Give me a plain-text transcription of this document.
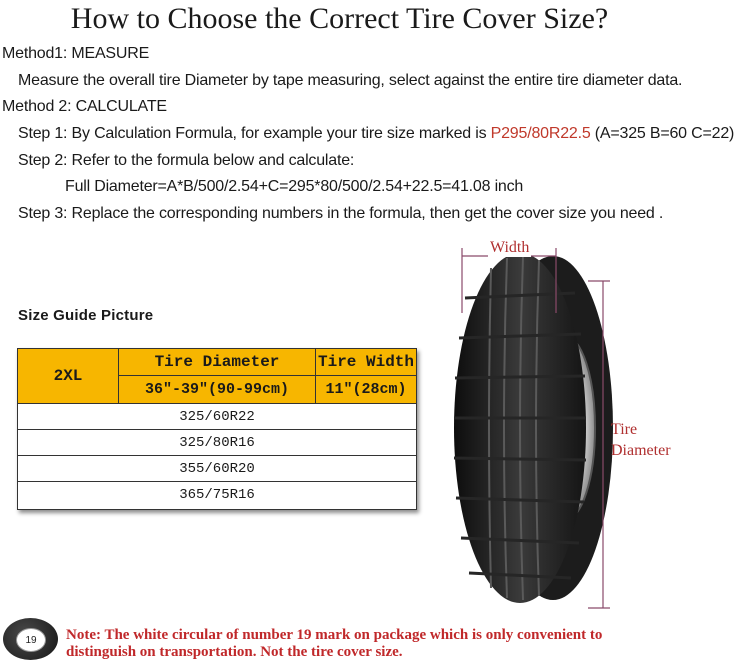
How to Choose the Correct Tire Cover Size?
Method1: MEASURE
Measure the overall tire Diameter by tape measuring, select against the entire tire diameter data.
Method 2: CALCULATE
Step 1: By Calculation Formula, for example your tire size marked is P295/80R22.5 (A=325 B=60 C=22)
Step 2: Refer to the formula below and calculate:
Full Diameter=A*B/500/2.54+C=295*80/500/2.54+22.5=41.08 inch
Step 3: Replace the corresponding numbers in the formula, then get the cover size you need .
Size Guide Picture
2XL
Tire Diameter	Tire Width
36″-39″(90-99cm)	11″(28cm)
325/60R22
325/80R16
355/60R20
365/75R16
Width
Tire
Diameter
19	Note: The white circular of number 19 mark on package which is only convenient to
distinguish on transportation. Not the tire cover size.
